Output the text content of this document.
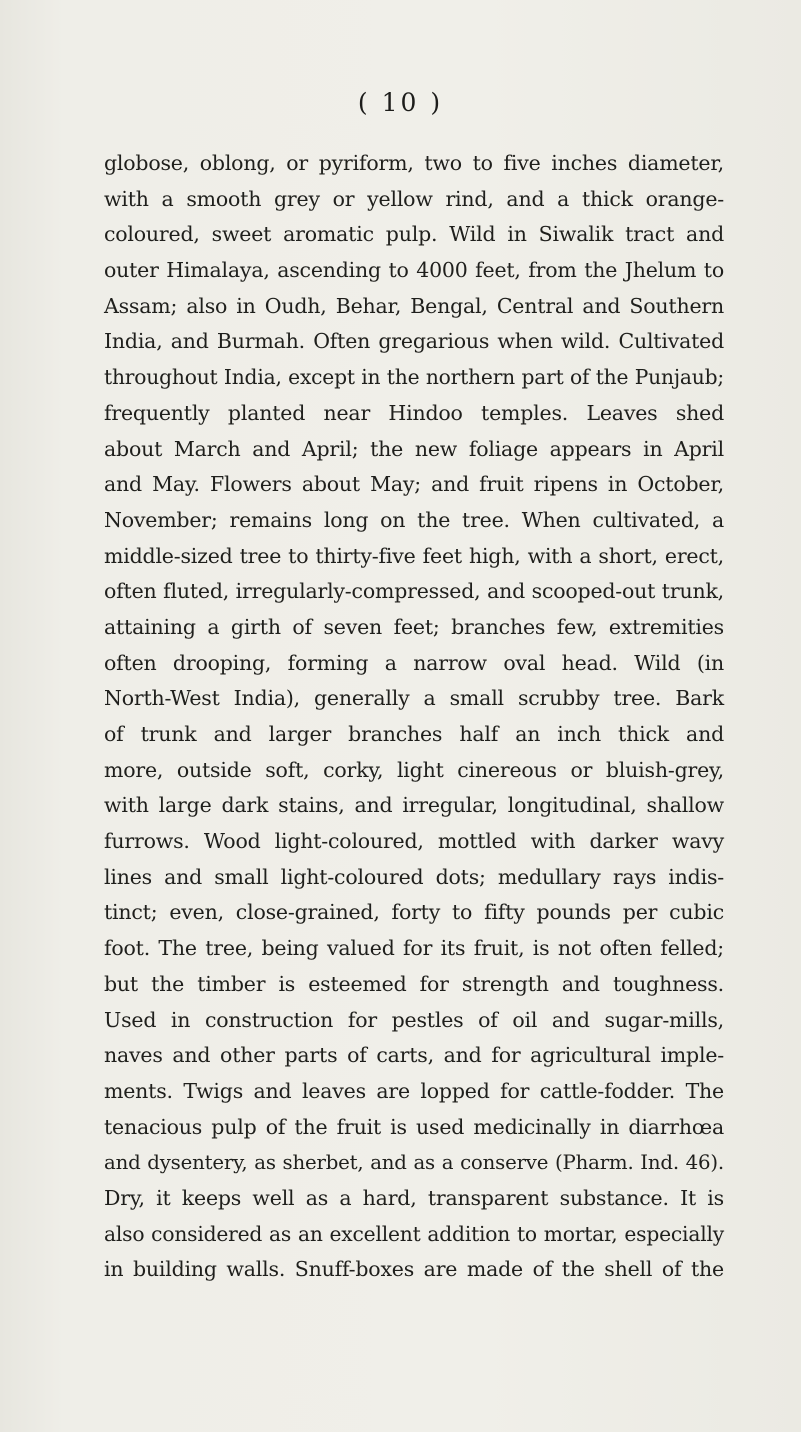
( 10 )
globose, oblong, or pyriform, two to five inches diameter,
with a smooth grey or yellow rind, and a thick orange-
coloured, sweet aromatic pulp. Wild in Siwalik tract and
outer Himalaya, ascending to 4000 feet, from the Jhelum to
Assam; also in Oudh, Behar, Bengal, Central and Southern
India, and Burmah. Often gregarious when wild. Cultivated
throughout India, except in the northern part of the Punjaub;
frequently planted near Hindoo temples. Leaves shed
about March and April; the new foliage appears in April
and May. Flowers about May; and fruit ripens in October,
November; remains long on the tree. When cultivated, a
middle-sized tree to thirty-five feet high, with a short, erect,
often fluted, irregularly-compressed, and scooped-out trunk,
attaining a girth of seven feet; branches few, extremities
often drooping, forming a narrow oval head. Wild (in
North-West India), generally a small scrubby tree. Bark
of trunk and larger branches half an inch thick and
more, outside soft, corky, light cinereous or bluish-grey,
with large dark stains, and irregular, longitudinal, shallow
furrows. Wood light-coloured, mottled with darker wavy
lines and small light-coloured dots; medullary rays indis-
tinct; even, close-grained, forty to fifty pounds per cubic
foot. The tree, being valued for its fruit, is not often felled;
but the timber is esteemed for strength and toughness.
Used in construction for pestles of oil and sugar-mills,
naves and other parts of carts, and for agricultural imple-
ments. Twigs and leaves are lopped for cattle-fodder. The
tenacious pulp of the fruit is used medicinally in diarrhœa
and dysentery, as sherbet, and as a conserve (Pharm. Ind. 46).
Dry, it keeps well as a hard, transparent substance. It is
also considered as an excellent addition to mortar, especially
in building walls. Snuff-boxes are made of the shell of the
